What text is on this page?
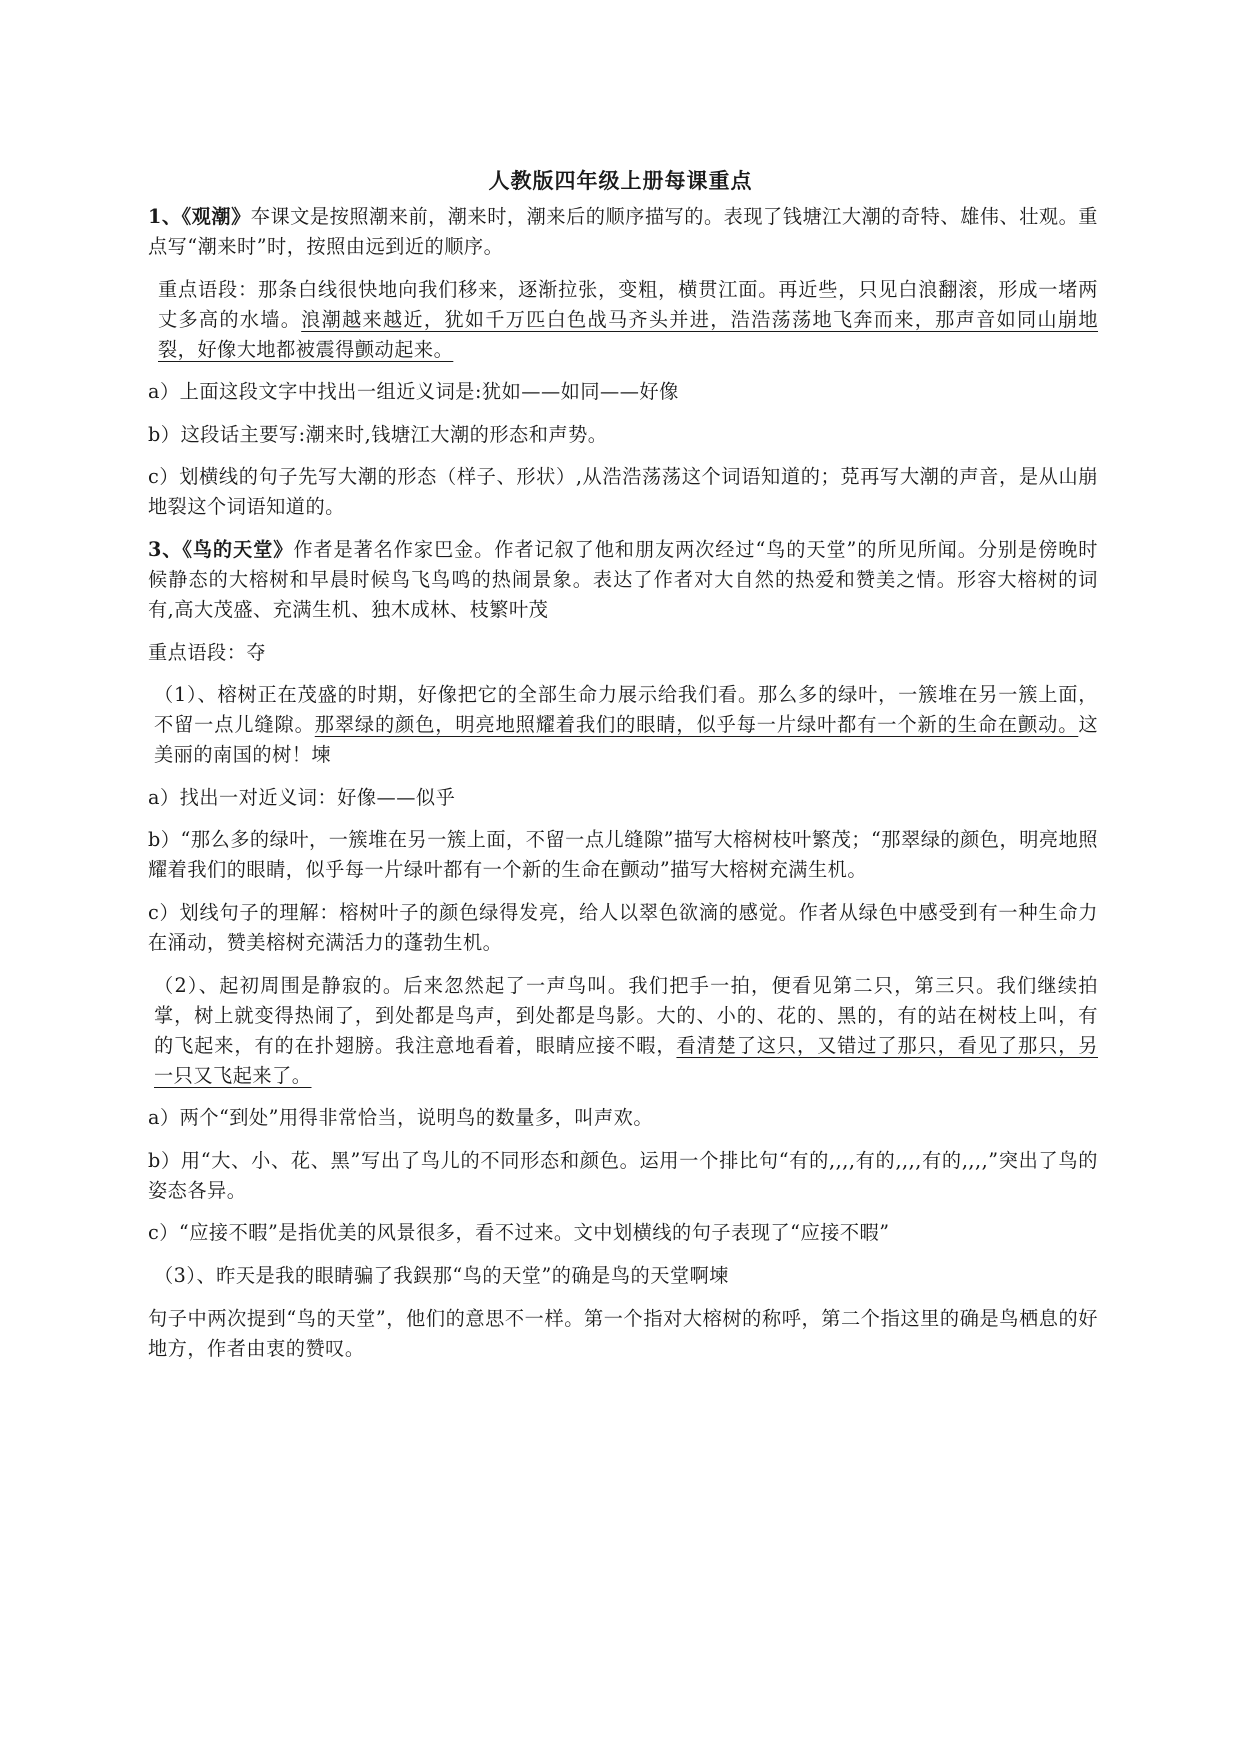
人教版四年级上册每课重点

1、《观潮》夲课文是按照潮来前，潮来时，潮来后的顺序描写的。表现了钱塘江大潮的奇特、雄伟、壮观。重点写“潮来时”时，按照由远到近的顺序。

重点语段：那条白线很快地向我们移来，逐渐拉张，变粗，横贯江面。再近些，只见白浪翻滚，形成一堵两丈多高的水墙。浪潮越来越近，犹如千万匹白色战马齐头并进，浩浩荡荡地飞奔而来，那声音如同山崩地裂，好像大地都被震得颤动起来。

a）上面这段文字中找出一组近义词是:犹如——如同——好像

b）这段话主要写:潮来时,钱塘江大潮的形态和声势。

c）划横线的句子先写大潮的形态（样子、形状）,从浩浩荡荡这个词语知道的；莌再写大潮的声音，是从山崩地裂这个词语知道的。

3、《鸟的天堂》作者是著名作家巴金。作者记叙了他和朋友两次经过“鸟的天堂”的所见所闻。分别是傍晚时候静态的大榕树和早晨时候鸟飞鸟鸣的热闹景象。表达了作者对大自然的热爱和赞美之情。形容大榕树的词有,高大茂盛、充满生机、独木成林、枝繁叶茂

重点语段：夺

（1）、榕树正在茂盛的时期，好像把它的全部生命力展示给我们看。那么多的绿叶，一簇堆在另一簇上面，不留一点儿缝隙。那翠绿的颜色，明亮地照耀着我们的眼睛，似乎每一片绿叶都有一个新的生命在颤动。这美丽的南国的树！堜

a）找出一对近义词：好像——似乎

b）“那么多的绿叶，一簇堆在另一簇上面，不留一点儿缝隙”描写大榕树枝叶繁茂；“那翠绿的颜色，明亮地照耀着我们的眼睛，似乎每一片绿叶都有一个新的生命在颤动”描写大榕树充满生机。

c）划线句子的理解：榕树叶子的颜色绿得发亮，给人以翠色欲滴的感觉。作者从绿色中感受到有一种生命力在涌动，赞美榕树充满活力的蓬勃生机。

（2）、起初周围是静寂的。后来忽然起了一声鸟叫。我们把手一拍，便看见第二只，第三只。我们继续拍掌，树上就变得热闹了，到处都是鸟声，到处都是鸟影。大的、小的、花的、黑的，有的站在树枝上叫，有的飞起来，有的在扑翅膀。我注意地看着，眼睛应接不暇，看清楚了这只，又错过了那只，看见了那只，另一只又飞起来了。

a）两个“到处”用得非常恰当，说明鸟的数量多，叫声欢。

b）用“大、小、花、黑”写出了鸟儿的不同形态和颜色。运用一个排比句“有的,,,,有的,,,,有的,,,,”突出了鸟的姿态各异。

c）“应接不暇”是指优美的风景很多，看不过来。文中划横线的句子表现了“应接不暇”

（3）、昨天是我的眼睛骗了我鋘那“鸟的天堂”的确是鸟的天堂啊堜

句子中两次提到“鸟的天堂”，他们的意思不一样。第一个指对大榕树的称呼，第二个指这里的确是鸟栖息的好地方，作者由衷的赞叹。
